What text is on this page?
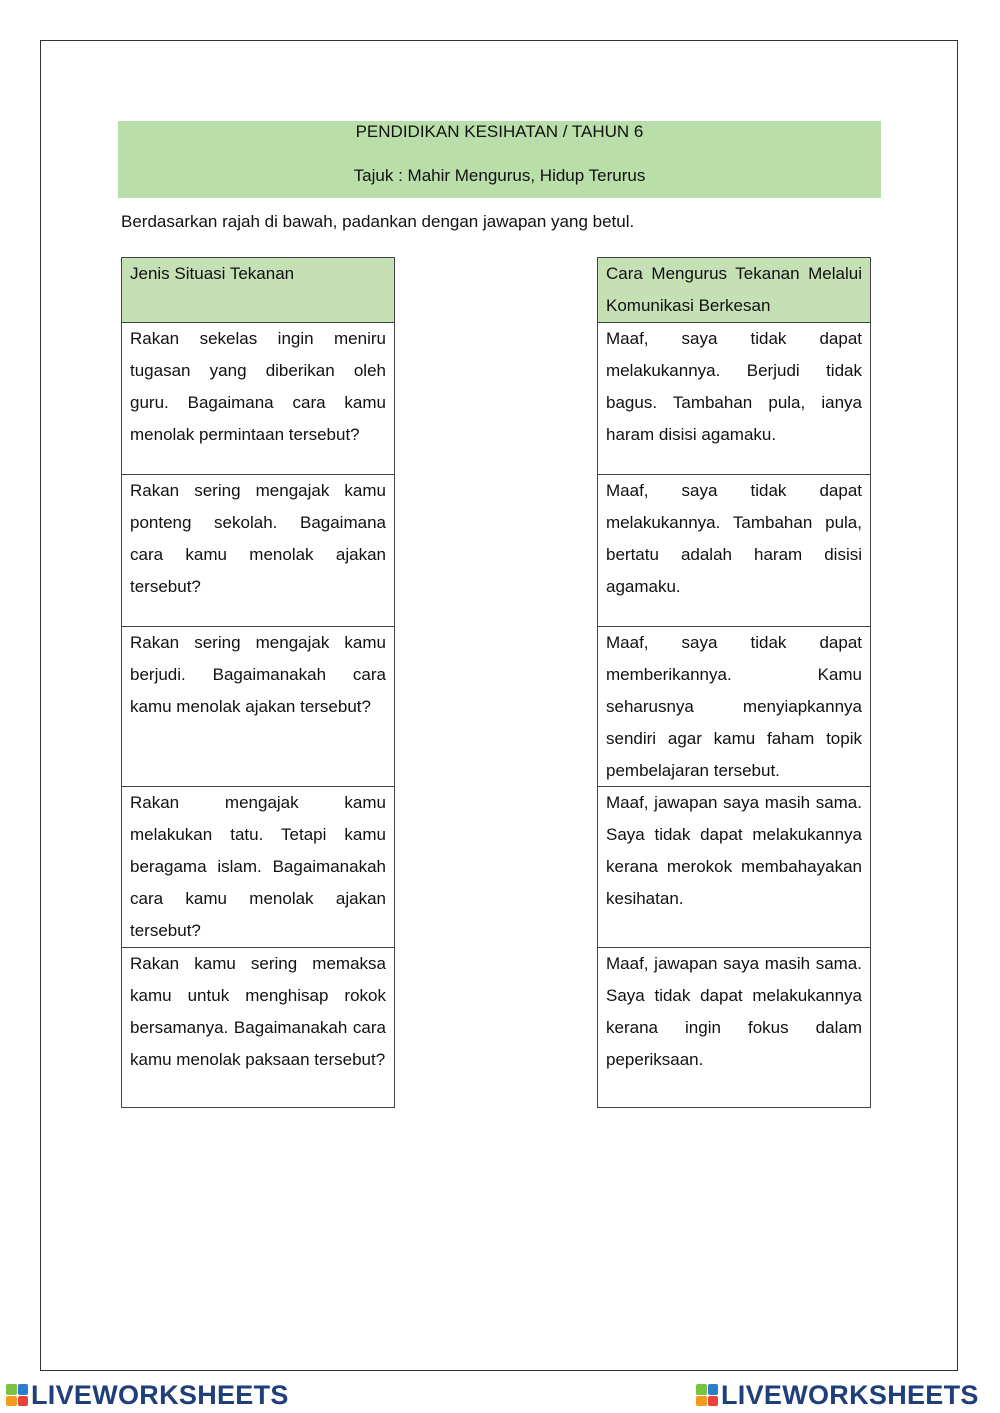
PENDIDIKAN KESIHATAN / TAHUN 6
Tajuk : Mahir Mengurus, Hidup Terurus
Berdasarkan rajah di bawah, padankan dengan jawapan yang betul.
Jenis Situasi Tekanan
Rakan sekelas ingin meniru tugasan yang diberikan oleh guru. Bagaimana cara kamu menolak permintaan tersebut?
Rakan sering mengajak kamu ponteng sekolah. Bagaimana cara kamu menolak ajakan tersebut?
Rakan sering mengajak kamu berjudi. Bagaimanakah cara kamu menolak ajakan tersebut?
Rakan mengajak kamu melakukan tatu. Tetapi kamu beragama islam. Bagaimanakah cara kamu menolak ajakan tersebut?
Rakan kamu sering memaksa kamu untuk menghisap rokok bersamanya. Bagaimanakah cara kamu menolak paksaan tersebut?
Cara Mengurus Tekanan Melalui Komunikasi Berkesan
Maaf, saya tidak dapat melakukannya. Berjudi tidak bagus. Tambahan pula, ianya haram disisi agamaku.
Maaf, saya tidak dapat melakukannya. Tambahan pula, bertatu adalah haram disisi agamaku.
Maaf, saya tidak dapat memberikannya. Kamu seharusnya menyiapkannya sendiri agar kamu faham topik pembelajaran tersebut.
Maaf, jawapan saya masih sama. Saya tidak dapat melakukannya kerana merokok membahayakan kesihatan.
Maaf, jawapan saya masih sama. Saya tidak dapat melakukannya kerana ingin fokus dalam peperiksaan.
LIVEWORKSHEETS	LIVEWORKSHEETS
